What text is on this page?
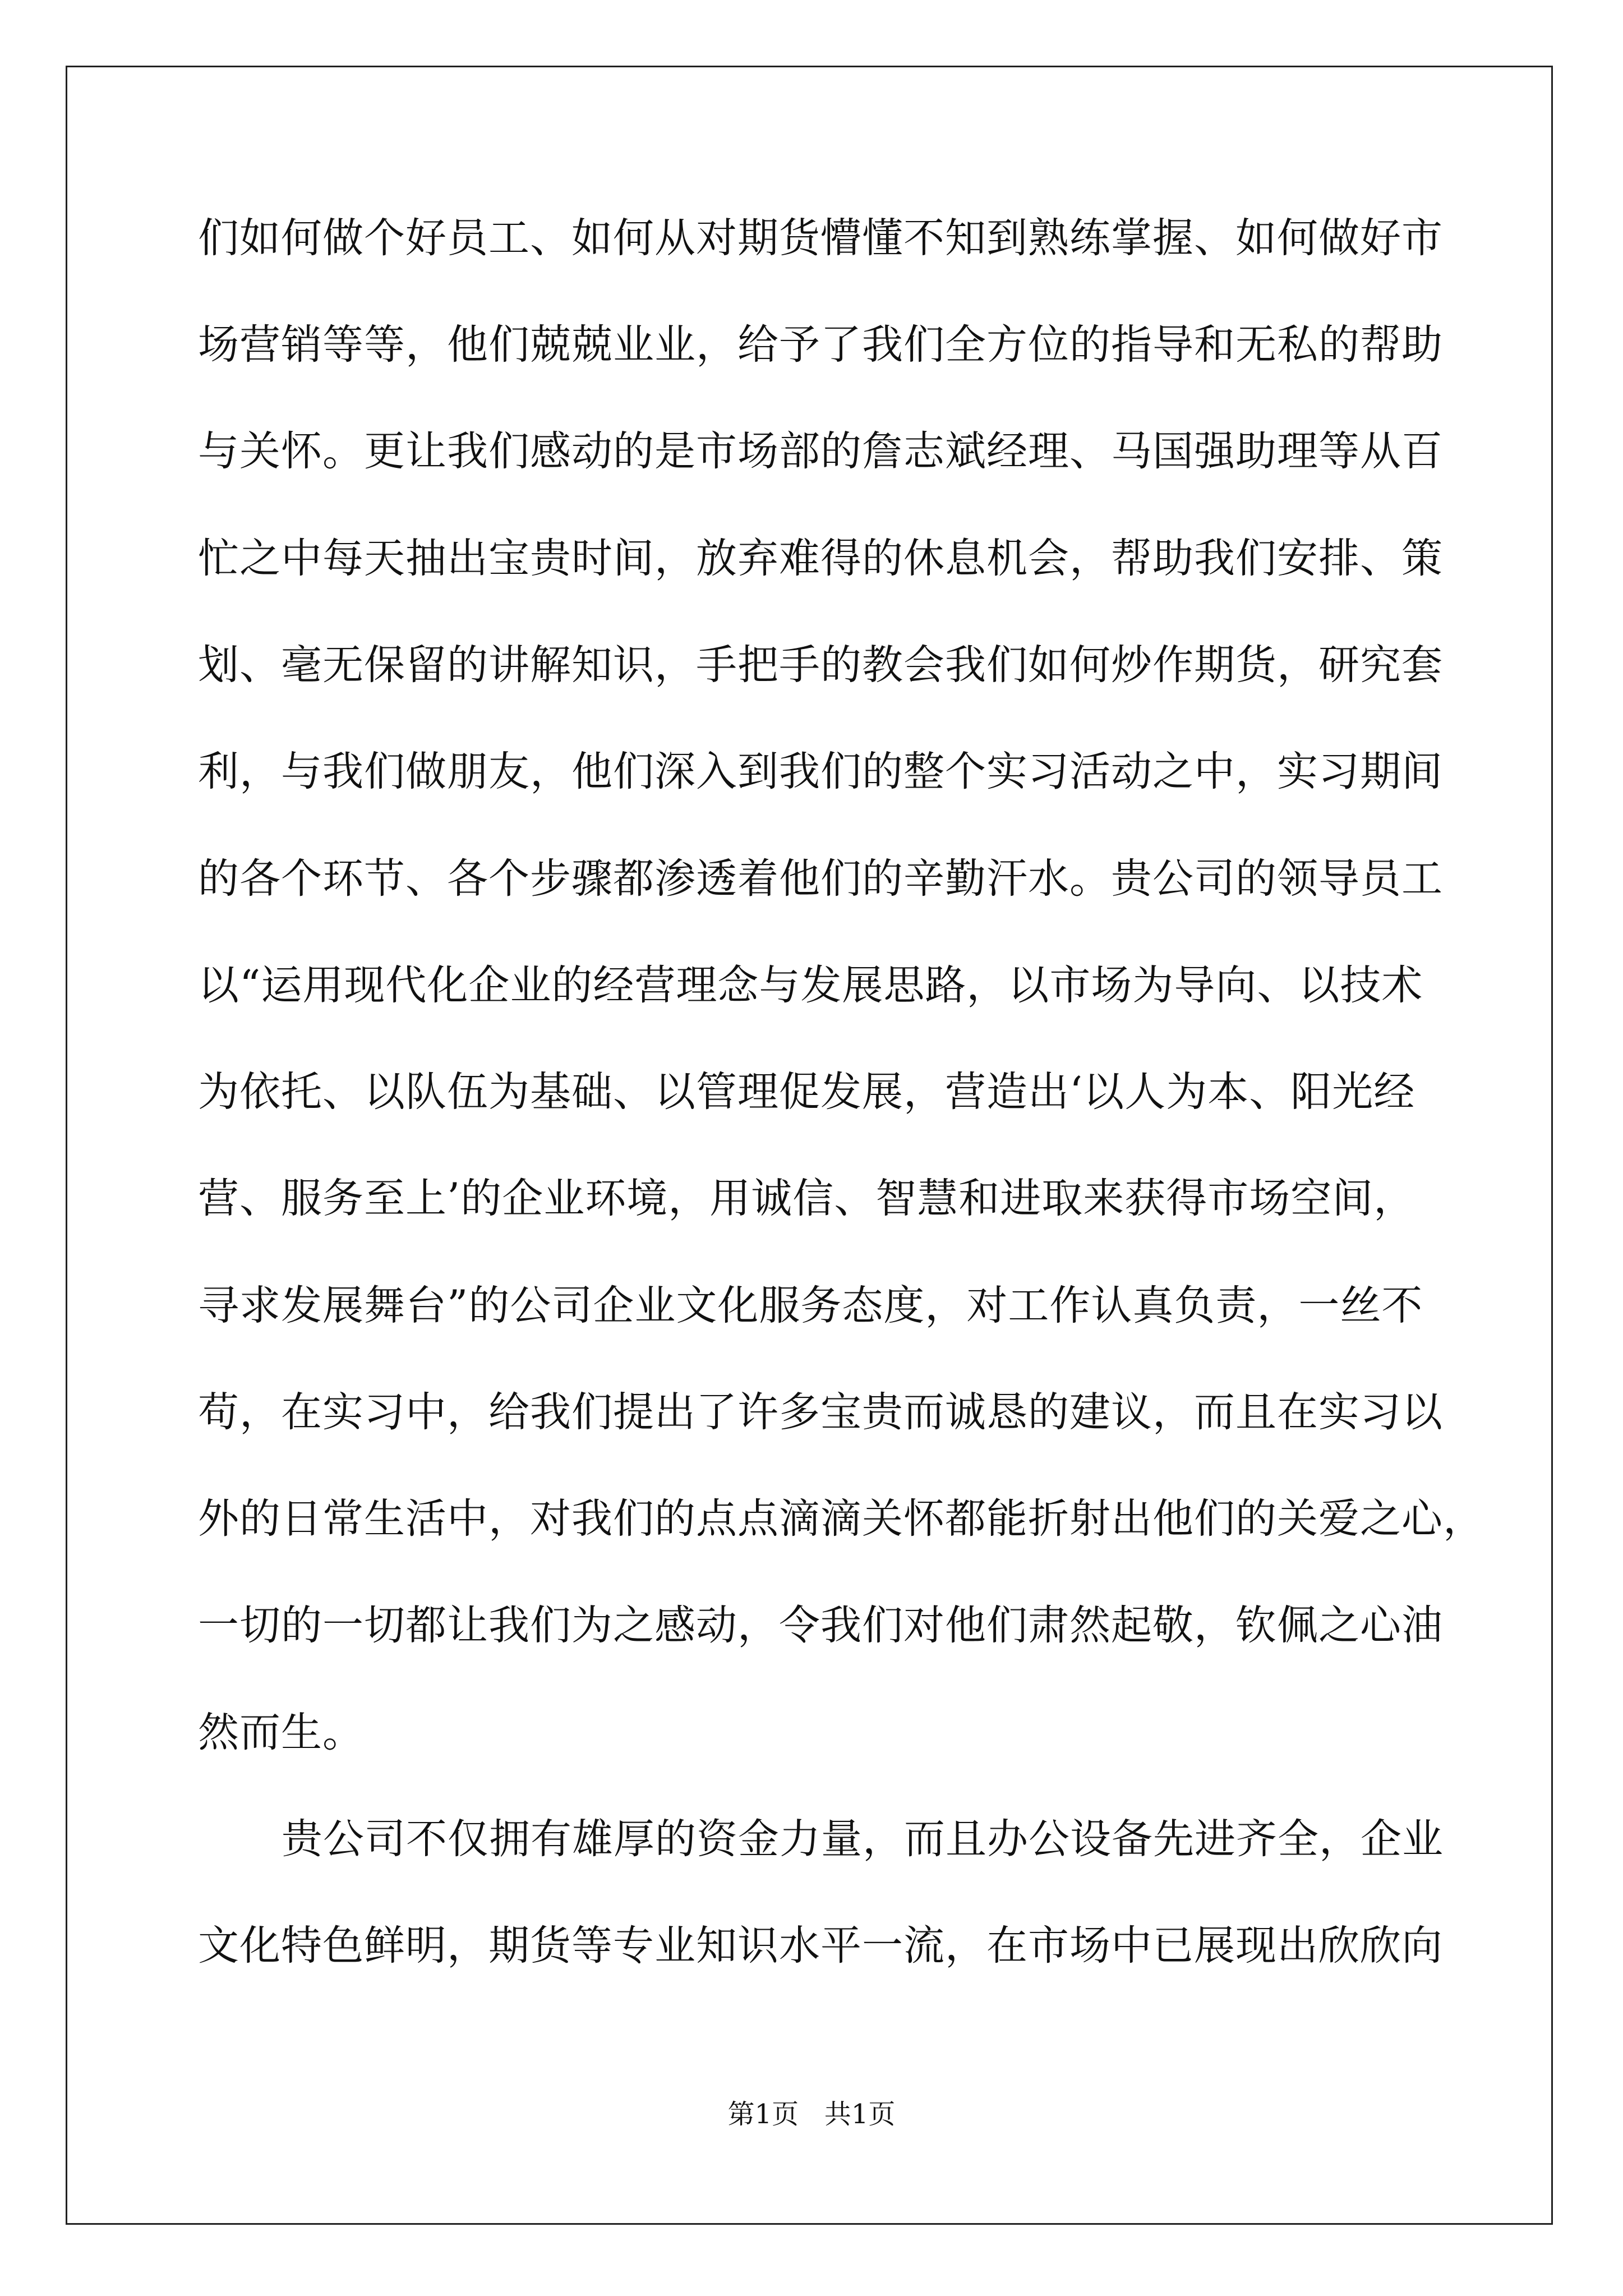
们如何做个好员工、如何从对期货懵懂不知到熟练掌握、如何做好市
场营销等等，他们兢兢业业，给予了我们全方位的指导和无私的帮助
与关怀。更让我们感动的是市场部的詹志斌经理、马国强助理等从百
忙之中每天抽出宝贵时间，放弃难得的休息机会，帮助我们安排、策
划、毫无保留的讲解知识，手把手的教会我们如何炒作期货，研究套
利，与我们做朋友，他们深入到我们的整个实习活动之中，实习期间
的各个环节、各个步骤都渗透着他们的辛勤汗水。贵公司的领导员工
以“运用现代化企业的经营理念与发展思路，以市场为导向、以技术
为依托、以队伍为基础、以管理促发展，营造出‘以人为本、阳光经
营、服务至上’的企业环境，用诚信、智慧和进取来获得市场空间，
寻求发展舞台”的公司企业文化服务态度，对工作认真负责，一丝不
苟，在实习中，给我们提出了许多宝贵而诚恳的建议，而且在实习以
外的日常生活中，对我们的点点滴滴关怀都能折射出他们的关爱之心，
一切的一切都让我们为之感动，令我们对他们肃然起敬，钦佩之心油
然而生。
贵公司不仅拥有雄厚的资金力量，而且办公设备先进齐全，企业
文化特色鲜明，期货等专业知识水平一流，在市场中已展现出欣欣向
第1页   共1页
